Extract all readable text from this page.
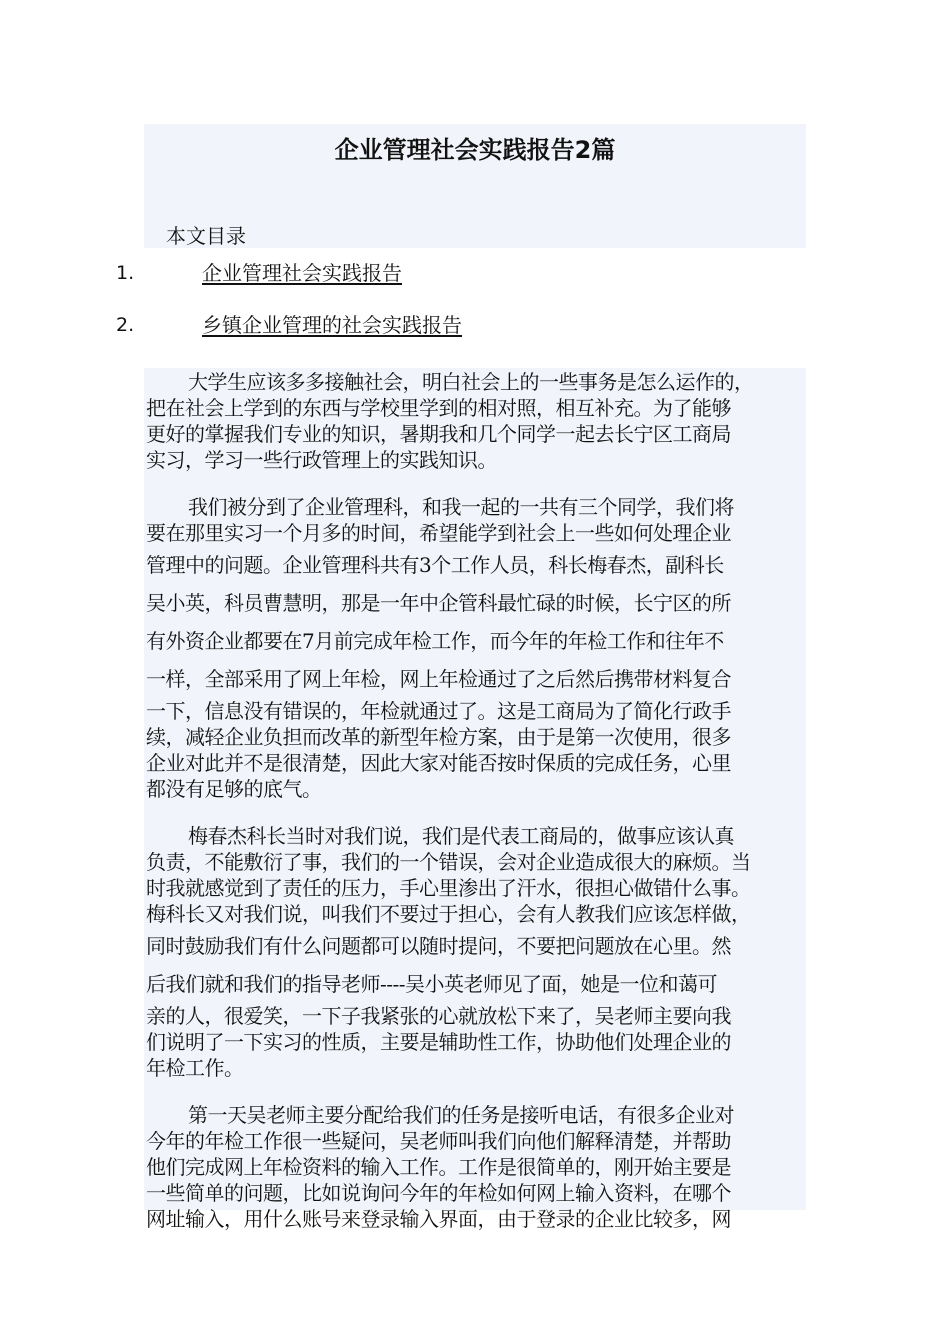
企业管理社会实践报告2篇
本文目录
1.	企业管理社会实践报告
2.	乡镇企业管理的社会实践报告

大学生应该多多接触社会，明白社会上的一些事务是怎么运作的，

把在社会上学到的东西与学校里学到的相对照，相互补充。为了能够

更好的掌握我们专业的知识，暑期我和几个同学一起去长宁区工商局

实习，学习一些行政管理上的实践知识。

我们被分到了企业管理科，和我一起的一共有三个同学，我们将

要在那里实习一个月多的时间，希望能学到社会上一些如何处理企业

管理中的问题。企业管理科共有3个工作人员，科长梅春杰，副科长

吴小英，科员曹慧明，那是一年中企管科最忙碌的时候，长宁区的所

有外资企业都要在7月前完成年检工作，而今年的年检工作和往年不

一样，全部采用了网上年检，网上年检通过了之后然后携带材料复合

一下，信息没有错误的，年检就通过了。这是工商局为了简化行政手

续，减轻企业负担而改革的新型年检方案，由于是第一次使用，很多

企业对此并不是很清楚，因此大家对能否按时保质的完成任务，心里

都没有足够的底气。

梅春杰科长当时对我们说，我们是代表工商局的，做事应该认真

负责，不能敷衍了事，我们的一个错误，会对企业造成很大的麻烦。当

时我就感觉到了责任的压力，手心里渗出了汗水，很担心做错什么事。

梅科长又对我们说，叫我们不要过于担心，会有人教我们应该怎样做，

同时鼓励我们有什么问题都可以随时提问，不要把问题放在心里。然

后我们就和我们的指导老师----吴小英老师见了面，她是一位和蔼可

亲的人，很爱笑，一下子我紧张的心就放松下来了，吴老师主要向我

们说明了一下实习的性质，主要是辅助性工作，协助他们处理企业的

年检工作。

第一天吴老师主要分配给我们的任务是接听电话，有很多企业对

今年的年检工作很一些疑问，吴老师叫我们向他们解释清楚，并帮助

他们完成网上年检资料的输入工作。工作是很简单的，刚开始主要是

一些简单的问题，比如说询问今年的年检如何网上输入资料，在哪个

网址输入，用什么账号来登录输入界面，由于登录的企业比较多，网
